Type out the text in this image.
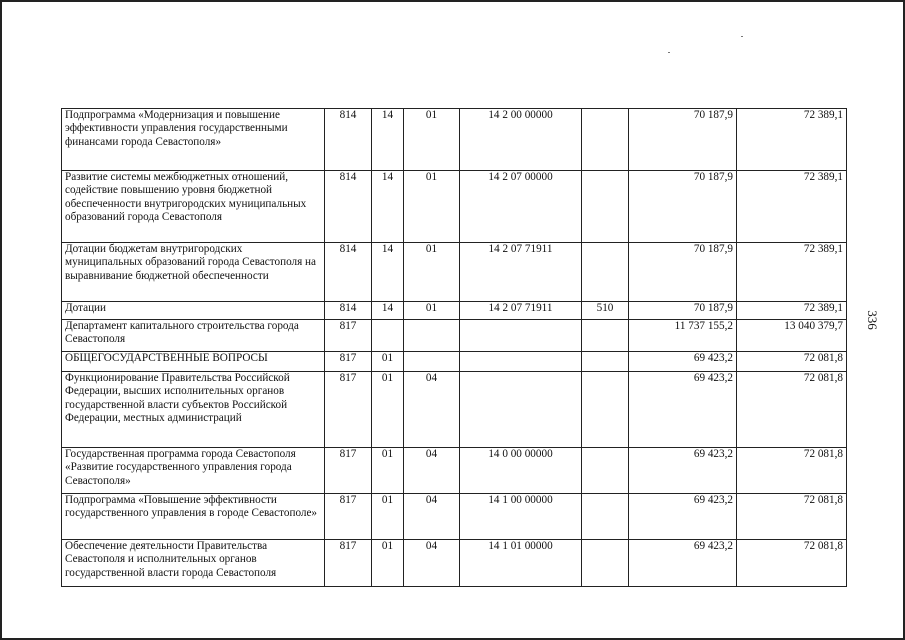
336
Подпрограмма «Модернизация и повышение эффективности управления государственными финансами города Севастополя»	814	14	01	14 2 00 00000		70 187,9	72 389,1
Развитие системы межбюджетных отношений, содействие повышению уровня бюджетной обеспеченности внутригородских муниципальных образований города Севастополя	814	14	01	14 2 07 00000		70 187,9	72 389,1
Дотации бюджетам внутригородских муниципальных образований города Севастополя на выравнивание бюджетной обеспеченности	814	14	01	14 2 07 71911		70 187,9	72 389,1
Дотации	814	14	01	14 2 07 71911	510	70 187,9	72 389,1
Департамент капитального строительства города Севастополя	817					11 737 155,2	13 040 379,7
ОБЩЕГОСУДАРСТВЕННЫЕ ВОПРОСЫ	817	01				69 423,2	72 081,8
Функционирование Правительства Российской Федерации, высших исполнительных органов государственной власти субъектов Российской Федерации, местных администраций	817	01	04			69 423,2	72 081,8
Государственная программа города Севастополя «Развитие государственного управления города Севастополя»	817	01	04	14 0 00 00000		69 423,2	72 081,8
Подпрограмма «Повышение эффективности государственного управления в городе Севастополе»	817	01	04	14 1 00 00000		69 423,2	72 081,8
Обеспечение деятельности Правительства Севастополя и исполнительных органов государственной власти города Севастополя	817	01	04	14 1 01 00000		69 423,2	72 081,8
